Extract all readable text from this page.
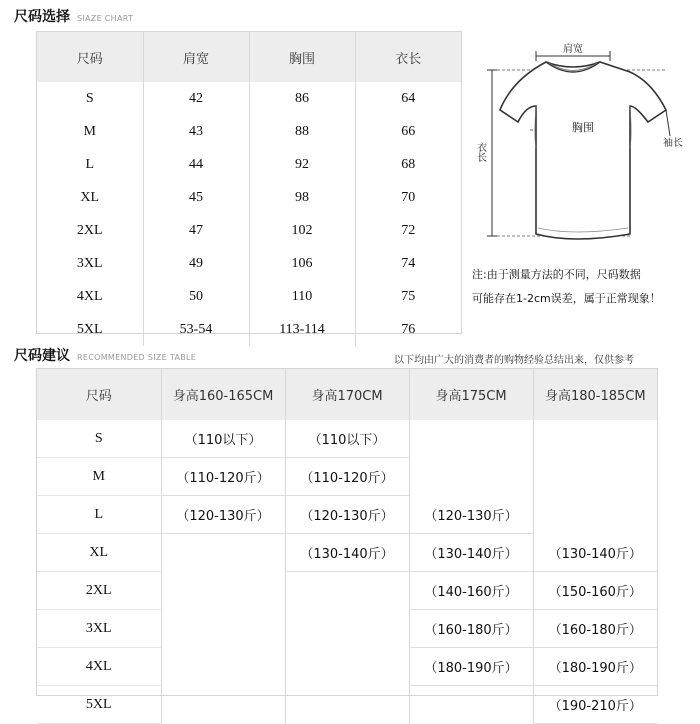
尺码选择 SIAZE CHART
尺码	肩宽	胸围	衣长
S	42	86	64
M	43	88	66
L	44	92	68
XL	45	98	70
2XL	47	102	72
3XL	49	106	74
4XL	50	110	75
5XL	53-54	113-114	76
肩宽
衣长	袖长
胸围
注:由于测量方法的不同，尺码数据
可能存在1-2cm误差，属于正常现象！
尺码建议 RECOMMENDED SIZE TABLE	以下均由广大的消费者的购物经验总结出来，仅供参考
尺码	身高160-165CM	身高170CM	身高175CM	身高180-185CM
S	（110以下）	（110以下）		
M	（110-120斤）	（110-120斤）		
L	（120-130斤）	（120-130斤）	（120-130斤）	
XL		（130-140斤）	（130-140斤）	（130-140斤）
2XL			（140-160斤）	（150-160斤）
3XL			（160-180斤）	（160-180斤）
4XL			（180-190斤）	（180-190斤）
5XL				（190-210斤）
